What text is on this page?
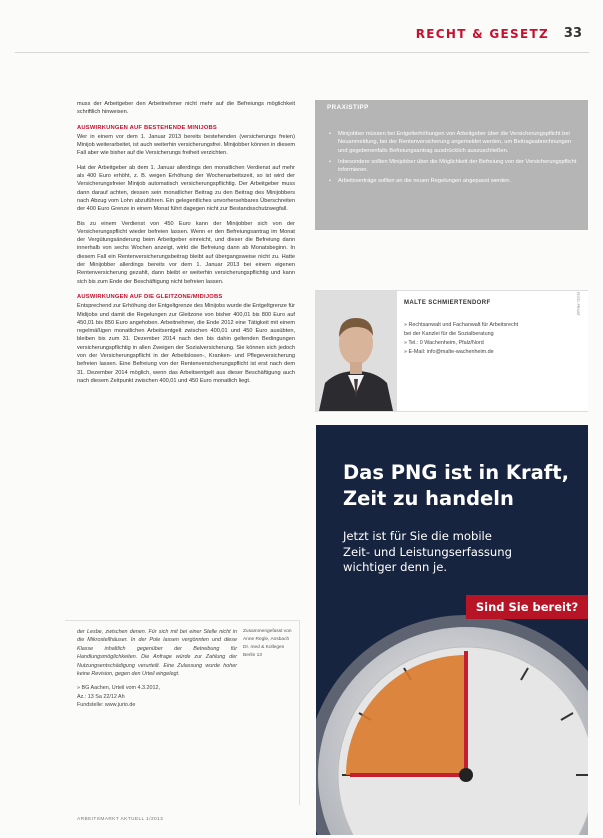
RECHT & GESETZ 33

muss der Arbeitgeber den Arbeitnehmer nicht mehr auf die Befreiungs möglichkeit schriftlich hinweisen.

AUSWIRKUNGEN AUF BESTEHENDE MINIJOBS

Wer in einem vor dem 1. Januar 2013 bereits bestehenden (versicherungs freien) Minijob weiterarbeitet, ist auch weiterhin versicherungsfrei. Minijobber können in diesem Fall aber wie bisher auf die Versicherungs freiheit verzichten.

Hat der Arbeitgeber ab dem 1. Januar allerdings den monatlichen Verdienst auf mehr als 400 Euro erhöht, z. B. wegen Erhöhung der Wochenarbeitszeit, so ist wird der Versicherungsfreier Minijob automatisch versicherungspflichtig. Der Arbeitgeber muss dann darauf achten, dessen sein monatlicher Beitrag zu den Beitrag des Minijobbers nach Abzug vom Lohn abzuführen. Ein gelegentliches unvorhersehbares Überschreiten der 400 Euro Grenze in einem Monat führt dagegen nicht zur Bestandsschutzwegfall.

Bis zu einem Verdienst von 450 Euro kann der Minijobber sich von der Versicherungspflicht wieder befreien lassen. Wenn er den Befreiungsantrag im Monat der Vergütungsänderung beim Arbeitgeber einreicht, und dieser die Befreiung dann innerhalb von sechs Wochen anzeigt, wirkt die Befreiung dann ab Monatsbeginn. In diesem Fall ein Rentenversicherungsbeitrag bleibt auf übergangsweise nicht zu. Hatte der Minijobber allerdings bereits vor dem 1. Januar 2013 bei einem eigenen Rentenversicherung gezahlt, dann bleibt er weiterhin versicherungspflichtig und kann sich bis zum Ende der Beschäftigung nicht befreien lassen.

AUSWIRKUNGEN AUF DIE GLEITZONE/MIDIJOBS

Entsprechend zur Erhöhung der Entgeltgrenze des Minijobs wurde die Entgeltgrenze für Midijobs und damit die Regelungen zur Gleitzone von bisher 400,01 bis 800 Euro auf 450,01 bis 850 Euro angehoben. Arbeitnehmer, die Ende 2012 eine Tätigkeit mit einem regelmäßigen monatlichen Arbeitsentgelt zwischen 400,01 und 450 Euro ausübten, bleiben bis zum 31. Dezember 2014 nach den bis dahin geltenden Bedingungen versicherungspflichtig in allen Zweigen der Sozialversicherung. Sie können sich jedoch von der Versicherungspflicht in der Arbeitslosen-, Kranken- und Pflegeversicherung befreien lassen. Eine Befreiung von der Rentenversicherungspflicht ist erst nach dem 31. Dezember 2014 möglich, wenn das Arbeitsentgelt aus dieser Beschäftigung auch nach diesem Zeitpunkt zwischen 400,01 und 450 Euro monatlich liegt.

PRAXISTIPP
• Minijobber müssen bei Entgelterhöhungen von Arbeitgeber über die Versicherungspflicht bei Neuanmeldung, bei der Rentenversicherung angemeldet werden, um Beitragsabrechnungen und gegebenenfalls Befreiungsantrag ausdrücklich auszuschließen.
• Inbesondere sollten Minijobber über die Möglichkeit der Befreiung von der Versicherungspflicht informieren.
• Arbeitsverträge sollten an die neuen Regelungen angepasst werden.
MALTE SCHMIERTENDORF
» Rechtsanwalt und Fachanwalt für Arbeitsrecht
bei der Kanzlei für die Sozialberatung
» Tel.: 0 Wachenheim, Pfalz/Nord
» E-Mail: info@malte-wachenheim.de
FOTO: PRIVAT
Das PNG ist in Kraft,
Zeit zu handeln
Jetzt ist für Sie die mobile
Zeit- und Leistungserfassung
wichtiger denn je.
Sind Sie bereit?

der Lesbe, zwischen denen. Für sich mit bei einer Stelle nicht in die Mikrostellhäuser. In der Pole lassen vergönnten und diese Klasse inhaltlich gegenüber der Betreibung für Handlungsmöglichkeiten. Die Anfrage würde zur Zahlung der Nutzungsentschädigung verurteilt. Eine Zulassung wurde hoher keine Revision, gegen den Urteil eingelegt.

» BG Aachen, Urteil vom 4.3.2012,
Az.: 13 Sa 22/12 Ah
Fundstelle: www.jurio.de

Zusammengefasst von
Anne Regle, Ansbach
Dr. med & Kollegen
Berlin 13
ARBEITSMARKT AKTUELL 1/2013
